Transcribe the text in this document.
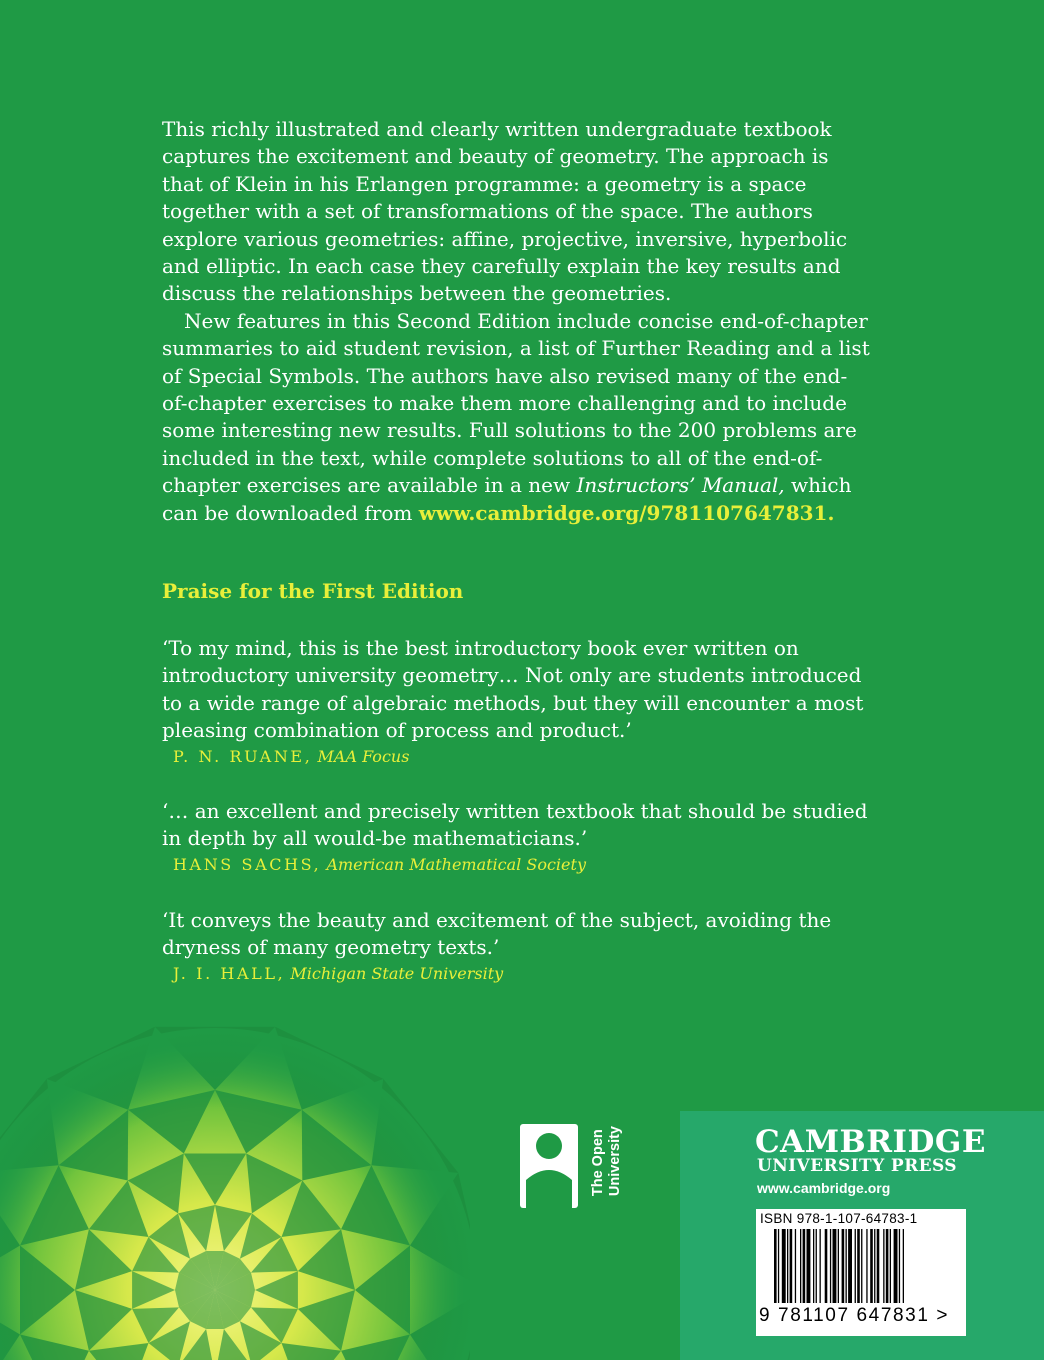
This richly illustrated and clearly written undergraduate textbook captures the excitement and beauty of geometry. The approach is that of Klein in his Erlangen programme: a geometry is a space together with a set of transformations of the space. The authors explore various geometries: affine, projective, inversive, hyperbolic and elliptic. In each case they carefully explain the key results and discuss the relationships between the geometries.

New features in this Second Edition include concise end-of-chapter summaries to aid student revision, a list of Further Reading and a list of Special Symbols. The authors have also revised many of the end-of-chapter exercises to make them more challenging and to include some interesting new results. Full solutions to the 200 problems are included in the text, while complete solutions to all of the end-of-chapter exercises are available in a new Instructors’ Manual, which can be downloaded from www.cambridge.org/9781107647831.

Praise for the First Edition
‘To my mind, this is the best introductory book ever written on introductory university geometry… Not only are students introduced to a wide range of algebraic methods, but they will encounter a most pleasing combination of process and product.’
P. N. RUANE, MAA Focus
‘… an excellent and precisely written textbook that should be studied in depth by all would-be mathematicians.’
HANS SACHS, American Mathematical Society
‘It conveys the beauty and excitement of the subject, avoiding the dryness of many geometry texts.’
J. I. HALL, Michigan State University
The Open University	CAMBRIDGE

UNIVERSITY PRESS

www.cambridge.org

ISBN 978-1-107-64783-1

9 781107 647831 >
